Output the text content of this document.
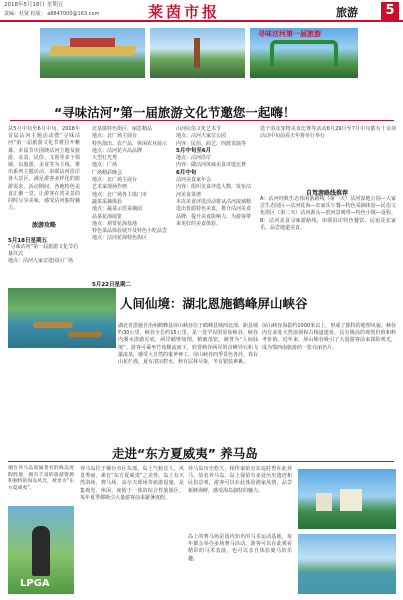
2018年5月18日 星期五
责编：杜贤 校版： a8847000@163.com	莱茵市报	旅游	5
寻味沽河第一届旅游
“寻味沽河”第一届旅游文化节邀您一起嗨！
从5月中旬至6月中旬，2018年首届沽河主题活动暨“寻味沽河”第一届旅游文化节将拉开帷幕。本届节庆围绕沽河主题及旅游、美食、民俗、文创等多个领域，以旅游、美食等为主线，推出系列主题活动，串联沽河沿岸各大景区，满足游客多样化的旅游需求。活动期间，各地特色美食汇聚一堂，让游客在赏美景的同时尽享美味，感受沽河独特魅力。
旅游攻略
5月18日星期五
“寻味沽河”第一届旅游文化节启幕仪式
地点：沽河大家岔选园区广场
5月22日星期二
北泉镇特色街区、丽思精品
地点：北广场主展台
特色演出、农产品、休闲农业展示
地点：沽河花卉高品牌
大型灯光秀
地点：广场
广场精彩晚会
地点：北广场主展台
艺术家现场作画
地点：北广场各主体门市
蔬菜采摘体验
地点：蔬菜示范采摘园
品菜花海展览
地点：观赏花海基地
特色菜品体验展开及特色小吃品尝
地点：沽河花海特色街区
山河民俗文化艺术节
地点：沽河大家岔公园
内容：民俗、曲艺、四渡表演等
5月中旬至6月
地点：沽河沿岸
内容：做沽河风味美食评选比赛
6月中旬
沽河美食家年会
内容：组织美食评选人数，发布沽河美食菜谱
本次美食评选活动将从沽河流域精选出优质特色美食，推介沽河美食品牌，提升美食影响力，为游客带来更好的美食体验。
迭子浴及宠物美食比赛等活动6月29日至7月中旬都有十余项活动中旬前看天年将举行举行
自驾游路线推荐
A：沽河经典生态休闲游路线（第一天）沽河湿地公园—大家岔生态园区—沽河花海—农家乐午餐—特色采摘体验—民俗文化街区（第二天）沽河源头—滨河景观带—特色小镇—返程。B：沽河美食寻味游路线，串联沿岸特色餐饮、民宿及农家乐，品尝地道美食。
人间仙境：湖北恩施鹤峰屏山峡谷
湖北省恩施自治州鹤峰县屏山峡谷位于鹤峰县城西北部，距县城约30公里，峡谷全长约15公里，是一处罕见的原始峡谷。峡谷内溪水清澈见底，两岸峭壁如削，植被茂密，被誉为“人间仙境”。游客可乘坐竹筏顺流而下，欣赏峡谷两岸的奇峰异石和飞瀑流泉，感受大自然的鬼斧神工。屏山峡谷四季景色各异，春有山花烂漫，夏有清凉碧水，秋有层林尽染，冬有银装素裹。
屏山峡谷海拔约1000米以上，形成了独特的地理风貌。峡谷内有多处天然溶洞和古栈道遗址，具有极高的观赏价值和科考价值。近年来，屏山峡谷吸引了大量游客前来探险观光，成为鄂西南旅游的一张亮丽名片。
走进“东方夏威夷” 养马岛
烟台养马岛原属著名的海岛度假胜地，拥有丰富的旅游资源和独特的海岛风光，被誉为“东方夏威夷”。
LPGA
养马岛位于烟台市区东部，岛上气候宜人，风景秀丽，素有“东方夏威夷”之美誉。岛上有天然浴场、赛马场、高尔夫球场等旅游设施，是集观光、休闲、度假于一体的综合性旅游区。每年夏季都吸引大量游客前来避暑度假。
养马岛历史悠久，相传秦始皇东巡时曾在此养马，故名养马岛。岛上保留有多处历史遗迹和民俗景观，游客可以在此体验渔家风情，品尝新鲜海鲜，感受海岛独特的魅力。
岛上的赛马场是国内知名的马术运动基地，每年都会举办多场赛马活动。游客可以在此观看精彩的马术表演，也可以亲自体验骑马的乐趣。
